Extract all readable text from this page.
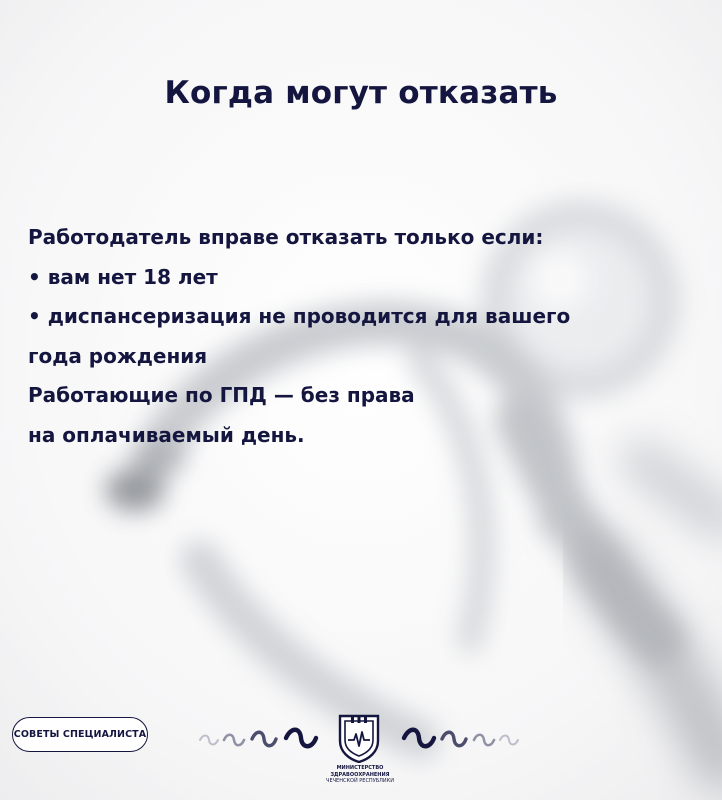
Когда могут отказать
Работодатель вправе отказать только если:
• вам нет 18 лет
• диспансеризация не проводится для вашего
года рождения
Работающие по ГПД — без права
на оплачиваемый день.
СОВЕТЫ СПЕЦИАЛИСТА
МИНИСТЕРСТВО
ЗДРАВООХРАНЕНИЯ
ЧЕЧЕНСКОЙ РЕСПУБЛИКИ
